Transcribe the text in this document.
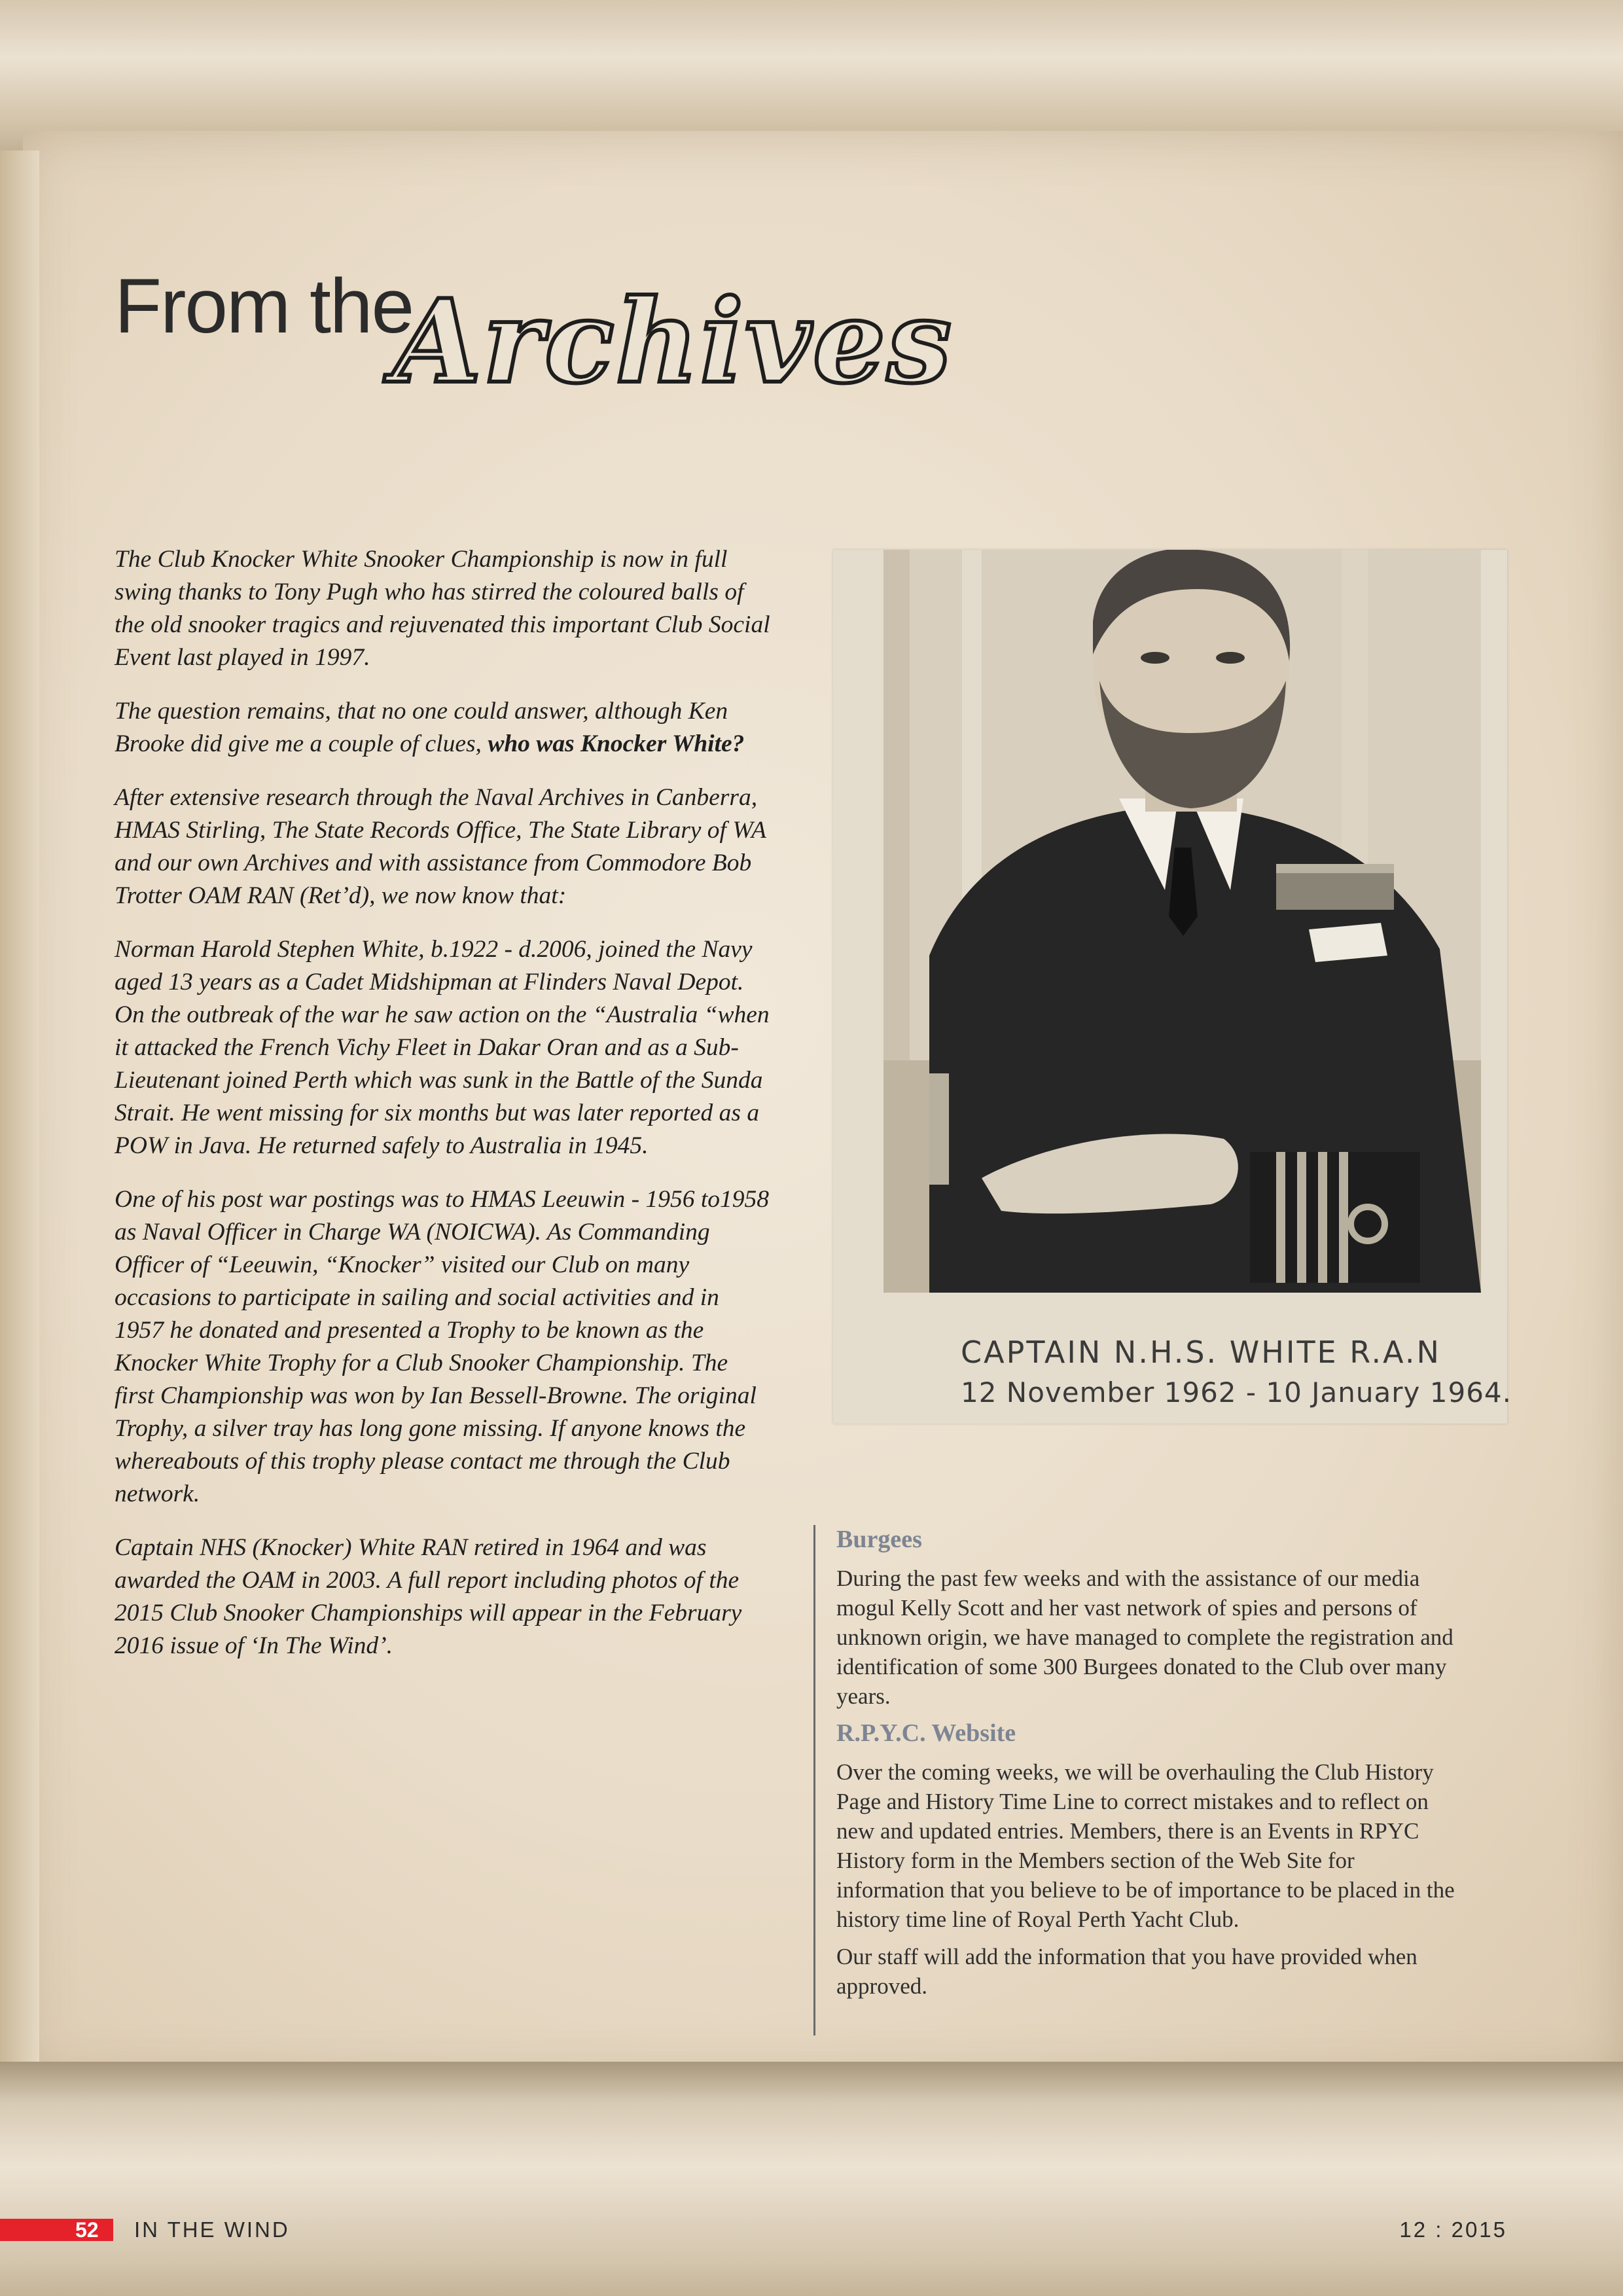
From the
Archives

The Club Knocker White Snooker Championship is now in full swing thanks to Tony Pugh who has stirred the coloured balls of the old snooker tragics and rejuvenated this important Club Social Event last played in 1997.

The question remains, that no one could answer, although Ken Brooke did give me a couple of clues, who was Knocker White?

After extensive research through the Naval Archives in Canberra, HMAS Stirling, The State Records Office, The State Library of WA and our own Archives and with assistance from Commodore Bob Trotter OAM RAN (Ret’d), we now know that:

Norman Harold Stephen White, b.1922 - d.2006, joined the Navy aged 13 years as a Cadet Midshipman at Flinders Naval Depot. On the outbreak of the war he saw action on the “Australia “when it attacked the French Vichy Fleet in Dakar Oran and as a Sub-Lieutenant joined Perth which was sunk in the Battle of the Sunda Strait. He went missing for six months but was later reported as a POW in Java. He returned safely to Australia in 1945.

One of his post war postings was to HMAS Leeuwin - 1956 to1958 as Naval Officer in Charge WA (NOICWA). As Commanding Officer of “Leeuwin, “Knocker” visited our Club on many occasions to participate in sailing and social activities and in 1957 he donated and presented a Trophy to be known as the Knocker White Trophy for a Club Snooker Championship. The first Championship was won by Ian Bessell-Browne. The original Trophy, a silver tray has long gone missing. If anyone knows the whereabouts of this trophy please contact me through the Club network.

Captain NHS (Knocker) White RAN retired in 1964 and was awarded the OAM in 2003. A full report including photos of the 2015 Club Snooker Championships will appear in the February 2016 issue of ‘In The Wind’.

CAPTAIN N.H.S. WHITE R.A.N
12 November 1962 - 10 January 1964.
Burgees

During the past few weeks and with the assistance of our media mogul Kelly Scott and her vast network of spies and persons of unknown origin, we have managed to complete the registration and identification of some 300 Burgees donated to the Club over many years.

R.P.Y.C. Website

Over the coming weeks, we will be overhauling the Club History Page and History Time Line to correct mistakes and to reflect on new and updated entries. Members, there is an Events in RPYC History form in the Members section of the Web Site for information that you believe to be of importance to be placed in the history time line of Royal Perth Yacht Club.

Our staff will add the information that you have provided when approved.

52 IN THE WIND	12 : 2015
